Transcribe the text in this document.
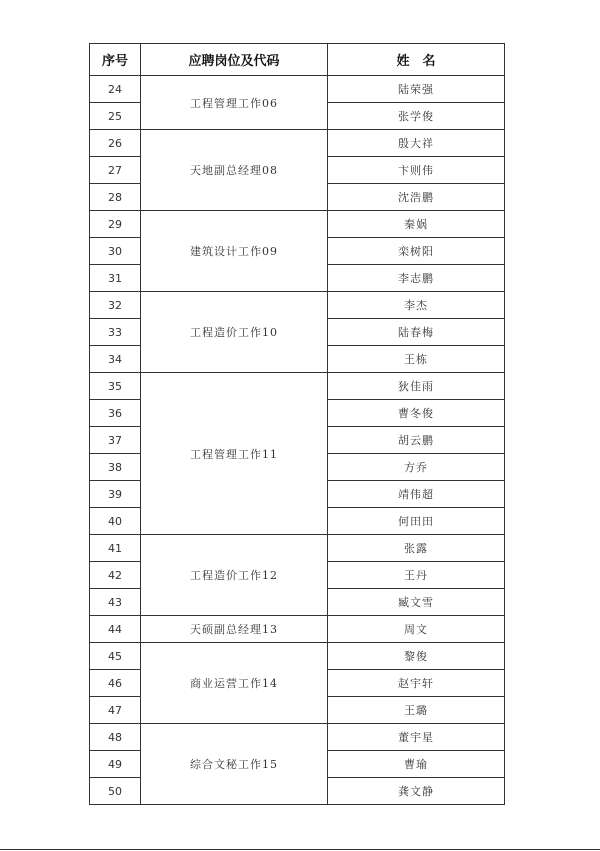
序号	应聘岗位及代码	姓　名
24	工程管理工作06	陆荣强
25		张学俊
26	天地副总经理08	殷大祥
27		卞则伟
28		沈浩鹏
29	建筑设计工作09	秦娲
30		栾树阳
31		李志鹏
32	工程造价工作10	李杰
33		陆春梅
34		王栋
35	工程管理工作11	狄佳雨
36		曹冬俊
37		胡云鹏
38		方乔
39		靖伟超
40		何田田
41	工程造价工作12	张露
42		王丹
43		臧文雪
44	天硕副总经理13	周文
45	商业运营工作14	黎俊
46		赵宇轩
47		王璐
48	综合文秘工作15	董宇星
49		曹瑜
50		龚文静
